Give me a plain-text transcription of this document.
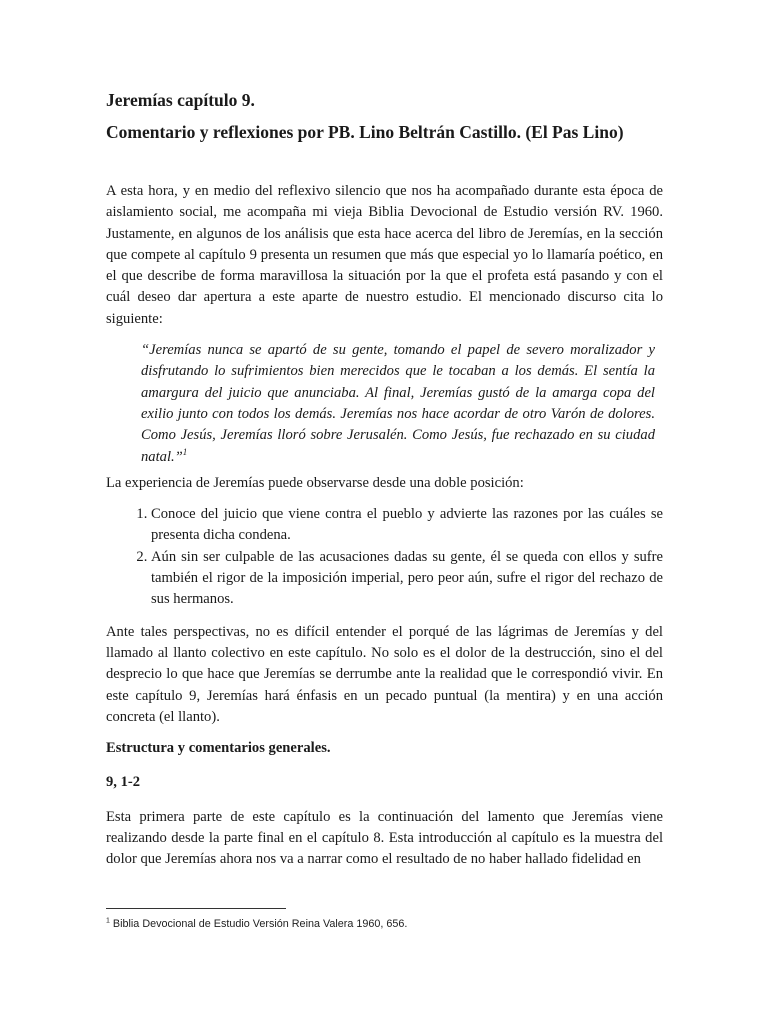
Jeremías capítulo 9.
Comentario y reflexiones por PB. Lino Beltrán Castillo. (El Pas Lino)

A esta hora, y en medio del reflexivo silencio que nos ha acompañado durante esta época de aislamiento social, me acompaña mi vieja Biblia Devocional de Estudio versión RV. 1960. Justamente, en algunos de los análisis que esta hace acerca del libro de Jeremías, en la sección que compete al capítulo 9 presenta un resumen que más que especial yo lo llamaría poético, en el que describe de forma maravillosa la situación por la que el profeta está pasando y con el cuál deseo dar apertura a este aparte de nuestro estudio. El mencionado discurso cita lo siguiente:

“Jeremías nunca se apartó de su gente, tomando el papel de severo moralizador y disfrutando lo sufrimientos bien merecidos que le tocaban a los demás. El sentía la amargura del juicio que anunciaba. Al final, Jeremías gustó de la amarga copa del exilio junto con todos los demás. Jeremías nos hace acordar de otro Varón de dolores. Como Jesús, Jeremías lloró sobre Jerusalén. Como Jesús, fue rechazado en su ciudad natal.”$^1$

La experiencia de Jeremías puede observarse desde una doble posición:

1. Conoce del juicio que viene contra el pueblo y advierte las razones por las cuáles se presenta dicha condena.
2. Aún sin ser culpable de las acusaciones dadas su gente, él se queda con ellos y sufre también el rigor de la imposición imperial, pero peor aún, sufre el rigor del rechazo de sus hermanos.

Ante tales perspectivas, no es difícil entender el porqué de las lágrimas de Jeremías y del llamado al llanto colectivo en este capítulo. No solo es el dolor de la destrucción, sino el del desprecio lo que hace que Jeremías se derrumbe ante la realidad que le correspondió vivir. En este capítulo 9, Jeremías hará énfasis en un pecado puntual (la mentira) y en una acción concreta (el llanto).

Estructura y comentarios generales.
9, 1-2

Esta primera parte de este capítulo es la continuación del lamento que Jeremías viene realizando desde la parte final en el capítulo 8. Esta introducción al capítulo es la muestra del dolor que Jeremías ahora nos va a narrar como el resultado de no haber hallado fidelidad en

$^1$ Biblia Devocional de Estudio Versión Reina Valera 1960, 656.
